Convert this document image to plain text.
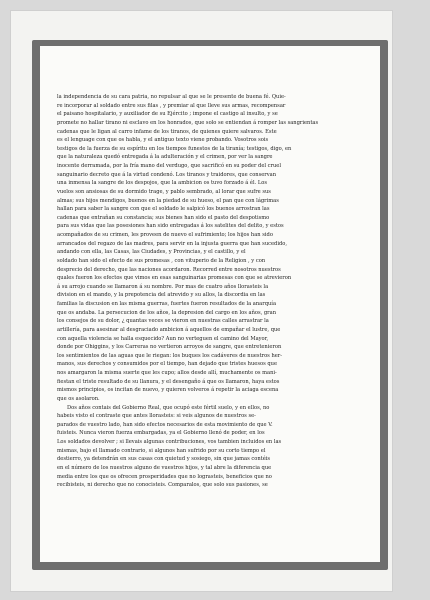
la independencia de su cara patria, no repulsar al que se le presente de buena fé. Quie-
re incorporar al soldado entre sus filas , y premiar al que lleve sus armas, recompensar
el paisano hospitalario, y auxiliador de su Ejército ; impone el castigo al insulto, y se
promete no hallar tirano ni esclavo en los honrados, que solo se entiendan á romper las sangrientas
cadenas que le ligan al carro infame de los tiranos, de quienes quiere salvaros. Este
es el lenguage con que os habla, y el antiguo texto viene probando. Vosotros sois
testigos de la fuerza de su espíritu en los tiempos funestos de la tiranía; testigos, digo, en
que la naturaleza quedó entregada á la adulteración y el crimen, por ver la sangre
inocente derramada, por la fría mano del verdugo, que sacrificó en su poder del cruel
sanguinario decreto que á la virtud condenó. Los tiranos y traidores, que conservan
una inmensa la sangre de los despojos, que la ambicion os tuvo forzado á él. Los
vuelos son ansiosas de su dormido trage, y pablo sembrado, al lorar que sufre sus
almas; sus hijos mendigos, buenos en la piedad de su hueso, el pan que con lágrimas
hallan para saber la sangre con que el soldado le salpicó los buenos arrostran las
cadenas que entrañan su constancia; sus bienes han sido el pasto del despotismo
para sus vidas que las posesiones han sido entregadas á los satelites del delito, y estos
acompañados de su crimen, les proveen de nuevo el sufrimiento; los hijos han sido
arrancados del regazo de las madres, para servir en la injusta guerra que han sucedido,
andando con ella, las Casas, las Ciudades, y Provincias, y el castillo, y el
soldado han sido el efecto de sus promesas , con vituperio de la Religion , y con
desprecio del derecho, que las naciones acordaron. Recorred entre nosotros nuestros
quales fueron los efectos que vimos en esas sanguinarias promesas con que se atrevieron
á su arrojo cuando se llamaron á su nombre. Por mas de cuatro años llorasteis la
division en el mando, y la prepotencia del atrevido y su allos, la discordia en las
familias la discusion en las misma guerras, fuertes fueron resultados de la anarquía
que os andaba. La persecucion de los años, la depresion del cargo en los años, gran
los consejos de su dolor, ¿ quantas veces se vieron en nuestras calles arrastrar la
artillería, para asesinar al desgraciado ambicion á aquellos de empañar el lustre, que
con aquella violencia se halla esquecido? Aun no verteguen el camino del Mayor,
donde por Ohiggins, y los Carreras no vertieron arroyos de sangre, que entretenieron
los sentimientos de las aguas que le riegan: los buques los cadáveres de nuestros her-
manos, sus derechos y consumidos por el tiempo, han dejado que tristes huesos que
nos amargaron la misma suerte que les cupo; allos desde allí, muchamente os mani-
fiestan el triste resultado de su llanura, y el desengaño á que os llamaron, haya estos
mismos principios, os incitan de nuevo, y quieren volveros á repetir la aciaga escena
que os asolaron.
Dos años contais del Gobierno Real, que ocupó este fértil suelo, y en ellos, no
habeis visto el contraste que antes llorasteis: si veis algunos de nuestros se-
parados de vuestro lado, han sido efectos necesarios de esta movimiento de que V.
fuisteis. Nunca vieron fuerza embargadas, ya el Gobierno llenó de poder, en los
Los soldados devolver ; si llevais algunas contribuciones, vos tambien incluidos en las
mismas, bajo el llamado contrario, si algunos han sufrido por su corto tiempo el
destierro, ya detendrán en sus casas con quietud y sosiego, sin que jamas contéis
en el número de los nuestros alguno de vuestros hijos, y tal abre la diferencia que
media entre los que os ofrecen prosperidades que no lograsteis, beneficios que no
recibisteis, ni derecho que no conocisteis. Comparalos, que solo sus pasiones, se
